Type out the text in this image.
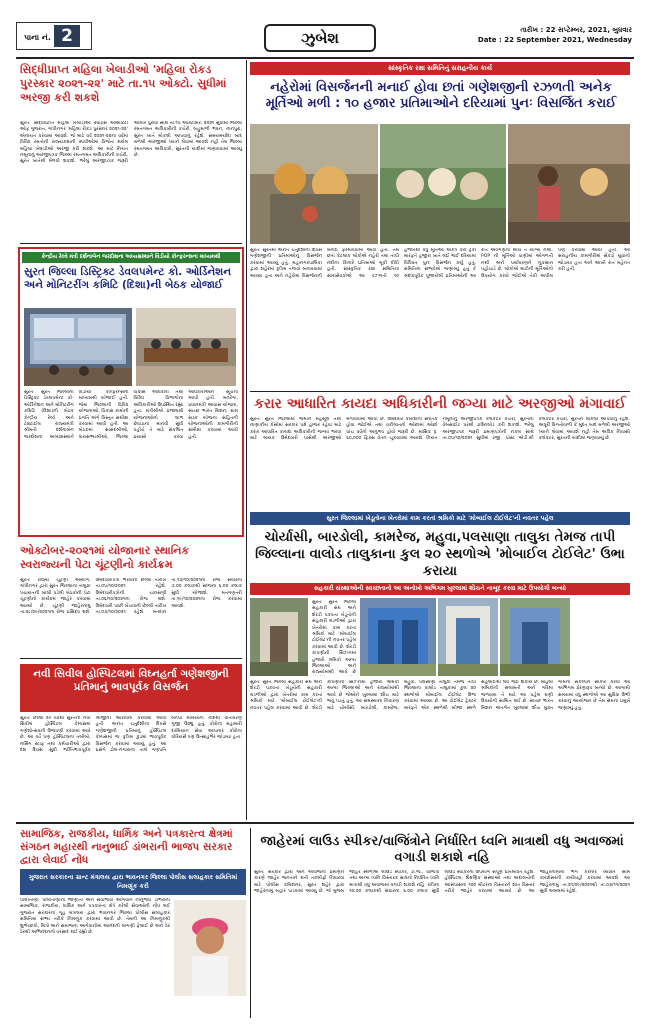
પાના નં. 2	ઝુબેશ	તારીખ : 22 સપ્ટેમ્બર, 2021, બુધવાર
Date : 22 September 2021, Wednesday
સિદ્ધીપ્રાપ્ત મહિલા ખેલાડીઓ 'મહિલા રોકડ પુરસ્કાર ૨૦૨૧-૨૨' માટે તા.૧૫ ઓક્ટો. સુધીમાં અરજી કરી શકશે
સુરતઃ સિદ્ધીપ્રાપ્ત મહિલા ખેલાડીઓ સ્પોર્ટ્સ ઓથોરિટી ઓફ ગુજરાત, ગાંધીનગર 'મહિલા રોકડ પુરસ્કાર ૨૦૨૧-૨૨' એનાયત કરવામાં આવશે. જે માટે વર્ષ ૨૦૨૧-૨૨ના વર્ષમાં વિવિધ રમતોની રાજ્યકક્ષાની સ્પર્ધાઓમાં વિજેતા થયેલ મહિલા ખેલાડીઓ અરજી કરી શકશે. આ માટે નિયત નમૂનાનું અરજીપત્રક જિલ્લા રમતગમત અધિકારીની કચેરી, સુરત ખાતેથી મેળવી શકાશે. ભરેલું અરજીપત્રક જરૂરી આધાર પુરાવા સાથે તા.૧૫ ઓક્ટોબર, ૨૦૨૧ સુધીમાં જિલ્લા રમતગમત અધિકારીની કચેરી, બહુમાળી ભવન, નાનપુરા, સુરત ખાતે મોકલી આપવાનું રહેશે. સમયમર્યાદા બાદ મળેલી અરજીઓ ધ્યાને લેવામાં આવશે નહી તેમ જિલ્લા રમતગમત અધિકારી, સુરતની યાદીમાં જણાવવામાં આવ્યું છે.
કેન્દ્રીય રેલ્વે મંત્રી દર્શનાબેન જરદોશના અધ્યક્ષસ્થાને વિડીયો કોન્ફરન્સના માધ્યમથી
સુરત જિલ્લા ડિસ્ટ્રિક્ટ ડેવલપમેન્ટ કો. ઓર્ડિનેશન અને મોનિટરીંગ કમિટિ (દિશા)ની બેઠક યોજાઈ
સુરતઃ સુરત જિલ્લાની ડિસ્ટ્રિક્ટ ડેવલપમેન્ટ કો-ઓર્ડિનેશન અને મોનિટરીંગ કમિટિ (દિશા)ની બેઠક કેન્દ્રીય રેલ્વે અને ટેક્ષટાઈલ રાજ્યમંત્રી શ્રીમતી દર્શનાબેન જરદોશના અધ્યક્ષસ્થાને વિડીયો કોન્ફરન્સના માધ્યમથી યોજાઈ હતી. જેમાં જિલ્લાની વિવિધ યોજનાઓ, વિકાસ કામોની પ્રગતિ અંગે વિસ્તૃત સમીક્ષા કરવામાં આવી હતી. આ બેઠકમાં સાંસદશ્રીઓ, ધારાસભ્યશ્રીઓ, જિલ્લા વિકાસ અધિકારી તથા વિવિધ વિભાગોના અધિકારીઓ ઉપસ્થિત રહ્યા હતા. મંત્રીશ્રીએ પ્રજાલક્ષી યોજનાઓનો લાભ છેવાડાના માનવી સુધી પહોંચે તે માટે સંકલિત પ્રયાસો કરવા અધિકારીઓને સૂચના આપી હતી. મનરેગા, પ્રધાનમંત્રી આવાસ યોજના, સ્વચ્છ ભારત મિશન, ગ્રામ સડક યોજના સહિતની યોજનાઓની કામગીરીની સમીક્ષા કરવામાં આવી હતી.
ઓક્ટોબર-૨૦૨૧માં યોજાનાર સ્થાનિક સ્વરાજ્યની પેટા ચૂંટણીનો કાર્યક્રમ
સુરતઃ રાજ્ય ચૂંટણી આયોગ, ગાંધીનગર દ્વારા સુરત જિલ્લાના તાલુકા પંચાયતની ખાલી પડેલી બેઠકોની પેટા ચૂંટણીનો કાર્યક્રમ જાહેર કરવામાં આવ્યો છે. ચૂંટણી જાહેરનામું તા.૨૮/૦૯/૨૦૨૧ના રોજ પ્રસિદ્ધ થશે. ઉમેદવારીપત્રો ભરવાની છેલ્લી તારીખ તા.૦૫/૧૦/૨૦૨૧ રહેશે. ઉમેદવારીપત્રોની ચકાસણી તા.૦૬/૧૦/૨૦૨૧ના રોજ થશે. ઉમેદવારી પાછી ખેંચવાની છેલ્લી તારીખ તા.૦૭/૧૦/૨૦૨૧ રહેશે. મતદાન તા.૧૭/૧૦/૨૦૨૧ના રોજ સવારના ૭.૦૦ કલાકથી સાંજના ૬.૦૦ કલાક સુધી યોજાશે. મતગણતરી તા.૧૯/૧૦/૨૦૨૧ના રોજ કરવામાં આવશે.
નવી સિવીલ હોસ્પિટલમાં વિઘ્નહર્તા ગણેશજીની પ્રતિમાનું ભાવપૂર્વક વિસર્જન
સુરતઃ છેલ્લા ૨૯ વર્ષથી સુરતની નવી સિવીલ હોસ્પિટલ કેમ્પસમાં ગણેશોત્સવની ઉજવણી કરવામાં આવે છે. આ વર્ષે પણ હોસ્પિટલના તબીબો, નર્સિંગ સ્ટાફ તથા કર્મચારીઓ દ્વારા દશ દિવસ સુધી ભક્તિભાવપૂર્વક શ્રીજીની આરાધના કરવામાં આવી હતી. અનંત ચતુર્દશીના દિવસે ગણેશજીની પ્રતિમાનું હોસ્પિટલ કેમ્પસમાં જ કૃત્રિમ કુંડમાં ભાવપૂર્વક વિસર્જન કરવામાં આવ્યું હતું. આ પ્રસંગે ઢોલ-નગારાના તાલે ગણપતિ બાપ્પા મોરિયાના નાદથી વાતાવરણ ગુંજી ઉઠ્યું હતું. કોરોના મહામારી દરમિયાન સેવા આપનાર કોરોના વોરિયર્સ પણ ઉત્સાહભેર જોડાયા હતા.
સાંસ્કૃતિક રક્ષા સમિતિનું સરાહનીય કાર્ય
નહેરોમાં વિસર્જનની મનાઈ હોવા છતાં ગણેશજીની રઝળતી અનેક મૂર્તિઓ મળી : ૧૦ હજાર પ્રતિમાઓને દરિયામાં પુનઃ વિસર્જિત કરાઈ
સુરતઃ સુરતમાં અનંત ચતુર્દશીના દિવસે ગણેશજીની પ્રતિમાઓનું વિસર્જન કરવામાં આવ્યું હતું. મહાનગરપાલિકા દ્વારા શહેરમાં કૃત્રિમ તળાવો બનાવવામાં આવ્યા હતા અને નહેરોમાં વિસર્જનની મનાઈ ફરમાવવામાં આવી હતી. તેમ છતાં કેટલાક લોકોએ નહેરો તથા તાપી નદીના કિનારે પ્રતિમાઓ મૂકી દીધી હતી. સાંસ્કૃતિક રક્ષા સમિતિના સ્વયંસેવકોએ આ રઝળતી ૧૦ હજારથી વધુ મૂર્તિઓ એકત્ર કરી ટ્રકો મારફતે હજીરા ખાતે લઈ જઈ દરિયામાં વિધિવત્ પુનઃ વિસર્જન કર્યું હતું. સમિતિના સભ્યોએ જણાવ્યું હતું કે શ્રદ્ધાપૂર્વક પૂજાયેલી પ્રતિમાઓની આ રીતે અવગણના થાય તે યોગ્ય નથી. POP ની મૂર્તિઓ પાણીમાં ઓગળતી નથી અને પર્યાવરણને નુકસાન પહોંચાડે છે. લોકોએ માટીની મૂર્તિઓનો ઉપયોગ કરવો જોઈએ તેવી અપીલ પણ કરવામાં આવી હતી. આ સરાહનીય કામગીરીમાં સેંકડો યુવાનો જોડાયા હતા અને આખી રાત મહેનત કરી હતી.
કરાર આધારિત કાયદા અધિકારીની જગ્યા માટે અરજીઓ મંગાવાઈ
સુરતઃ સુરત જિલ્લામાં જમીન મહેસૂલ તથા નાણાકીય કેસોમાં સરકાર પક્ષે હાજર રહેવા માટે કરાર આધારિત કાયદા અધિકારીની જગ્યા ભરવા માટે લાયક ઉમેદવારો પાસેથી અરજીઓ મંગાવવામાં આવી છે. ઉમેદવાર કાયદાના સ્નાતક હોવા જોઈએ તથા વકીલાતનો ઓછામાં ઓછો પાંચ વર્ષનો અનુભવ હોવો જરૂરી છે. માસિક રૂ. ૬૦,૦૦૦ ફિક્સ વેતન ચૂકવવામાં આવશે. નિયત નમૂનાનું અરજીપત્રક કલેકટર કચેરી, સુરતની વેબસાઈટ પરથી ડાઉનલોડ કરી શકાશે. ભરેલું અરજીપત્રક જરૂરી પ્રમાણપત્રોની નકલ સાથે તા.૦૫/૧૦/૨૦૨૧ સુધીમાં રજી. પોસ્ટ એડી.થી કલેકટર કચેરી, સુરતને મોકલી આપવાનું રહેશે. અધૂરી વિગતોવાળી કે મુદત બાદ મળેલી અરજીઓ ધ્યાને લેવામાં આવશે નહી તેમ અધિક નિવાસી કલેકટર, સુરતની યાદીમાં જણાવાયું છે.
સુરત જિલ્લામાં ખેડૂતોના ખેતરોમાં કામ કરતાં શ્રમિકો માટે 'મોબાઈલ ટોઈલેટ'ની નવતર પહેલ
ચોર્યાસી, બારડોલી, કામરેજ, મહુવા,પલસાણા તાલુકા તેમજ તાપી જિલ્લાના વાલોડ તાલુકાના કુલ ૨૦ સ્થળોએ 'મોબાઈલ ટોઈલેટ' ઉભા કરાયા
સહકારી સંસ્થાઓની સ્વચ્છતાનો આ અનોખો અભિગમ ખુલ્લામાં શૌચને નાબૂદ કરવા માટે ઉપયોગી બન્યો
સુરતઃ સુરત જિલ્લા સહકારી સંઘ અને શેરડી પકવતા ખેડૂતોની સહકારી મંડળીઓ દ્વારા ખેતરોમાં કામ કરતાં શ્રમિકો માટે 'મોબાઈલ ટોઈલેટ'ની નવતર પહેલ કરવામાં આવી છે. શેરડી કાપણીની સિઝનમાં હજારો શ્રમિકો અન્ય જિલ્લાઓ અને રાજ્યોમાંથી આવે છે
સુરતઃ સુરત જિલ્લા સહકારી સંઘ અને શેરડી પકવતા ખેડૂતોની સહકારી મંડળીઓ દ્વારા ખેતરોમાં કામ કરતાં શ્રમિકો માટે 'મોબાઈલ ટોઈલેટ'ની નવતર પહેલ કરવામાં આવી છે. શેરડી કાપણીની સિઝનમાં હજારો શ્રમિકો અન્ય જિલ્લાઓ અને રાજ્યોમાંથી આવે છે જેઓને ખુલ્લામાં શૌચ માટે જવું પડતું હતું. આ સમસ્યાના નિવારણ માટે ચોર્યાસી, બારડોલી, કામરેજ, મહુવા, પલસાણા તાલુકા તેમજ તાપી જિલ્લાના વાલોડ તાલુકામાં કુલ ૨૦ સ્થળોએ મોબાઈલ ટોઈલેટ ઉભા કરવામાં આવ્યા છે. આ ટોઈલેટ ટ્રેક્ટર મારફતે એક સ્થળેથી બીજા સ્થળે સહેલાઈથી લઈ જઈ શકાય છે. મહિલા શ્રમિકોની સલામતી અને ગરિમા જળવાય તે માટે આ પહેલ ઘણી ઉપયોગી સાબિત થઈ છે. સ્વચ્છ ભારત મિશન અંતર્ગત ખુલ્લામાં શૌચ મુક્ત ગામના સંકલ્પને સાકાર કરવા આ અભિગમ પ્રેરણારૂપ બન્યો છે. આગામી સમયમાં વધુ સ્થળોએ આ સુવિધા ઉભી કરવાનું આયોજન છે તેમ સંઘના પ્રમુખે જણાવ્યું હતું.
સામાજિક, રાજકીય, ધાર્મિક અને પત્રકારત્વ ક્ષેત્રમાં સંગઠન મહારથી નાનુભાઈ ડાંભરાની ભાજપ સરકાર દ્વારા લેવાઈ નોંધ
ગુજરાત સરકારના ગ્રાન્ટ મંત્રાલય દ્વારા ભાવનગર જિલ્લા પોલીસ સલાહકાર સમિતિમાં નિમણૂંક કરી
પાલીતાણાઃ પાલીતાણાના જાણીતા અને સેવાભાવી આગેવાન નાનુભાઈ ડાંભરાની સામાજિક, રાજકીય, ધાર્મિક અને પત્રકારત્વ ક્ષેત્રે કરેલી સેવાઓની નોંધ લઈ ગુજરાત સરકારના ગૃહ મંત્રાલય દ્વારા ભાવનગર જિલ્લા પોલીસ સલાહકાર સમિતિમાં સભ્ય તરીકે નિમણૂંક કરવામાં આવી છે. તેમની આ નિમણૂંકથી શુભેચ્છકો, મિત્રો અને સમાજના આગેવાનોમાં આનંદની લાગણી ફેલાઈ છે અને ઠેર ઠેરથી અભિનંદનનો વરસાદ થઈ રહ્યો છે.
જાહેરમાં લાઉડ સ્પીકર/વાજિંત્રોને નિર્ધારિત ધ્વનિ માત્રાથી વધુ અવાજમાં વગાડી શકાશે નહિ
સુરતઃ સરકાર દ્વારા અને અવાજના પ્રમાણને કારણે જાહેર જનતાને થતી તકલીફો નિવારવા માટે પોલીસ કમિશનર, સુરત શહેર દ્વારા જાહેરનામું બહાર પાડવામાં આવ્યું છે. જે મુજબ જાહેર સ્થળોએ લાઉડ સ્પીકર, ડી.જે., વાજિંત્રો તથા અન્ય ધ્વનિ વિસ્તારક સાધનો નિર્ધારિત ધ્વનિ માત્રાથી વધુ અવાજમાં વગાડી શકાશે નહિ. રાત્રિના ૧૦.૦૦ કલાકથી સવારના ૬.૦૦ કલાક સુધી લાઉડ સ્પીકરનો ઉપયોગ સંપૂર્ણ પ્રતિબંધિત રહેશે. હોસ્પિટલ, શૈક્ષણિક સંસ્થાઓ તથા અદાલતોની આસપાસના ૧૦૦ મીટરના વિસ્તારને શાંત વિસ્તાર તરીકે જાહેર કરવામાં આવ્યો છે. આ જાહેરનામાનો ભંગ કરનાર વ્યક્તિ સામે કાયદેસરની કાર્યવાહી કરવામાં આવશે. આ જાહેરનામું તા.૨૧/૦૯/૨૦૨૧થી તા.૦૩/૧૧/૨૦૨૧ સુધી અમલમાં રહેશે.
